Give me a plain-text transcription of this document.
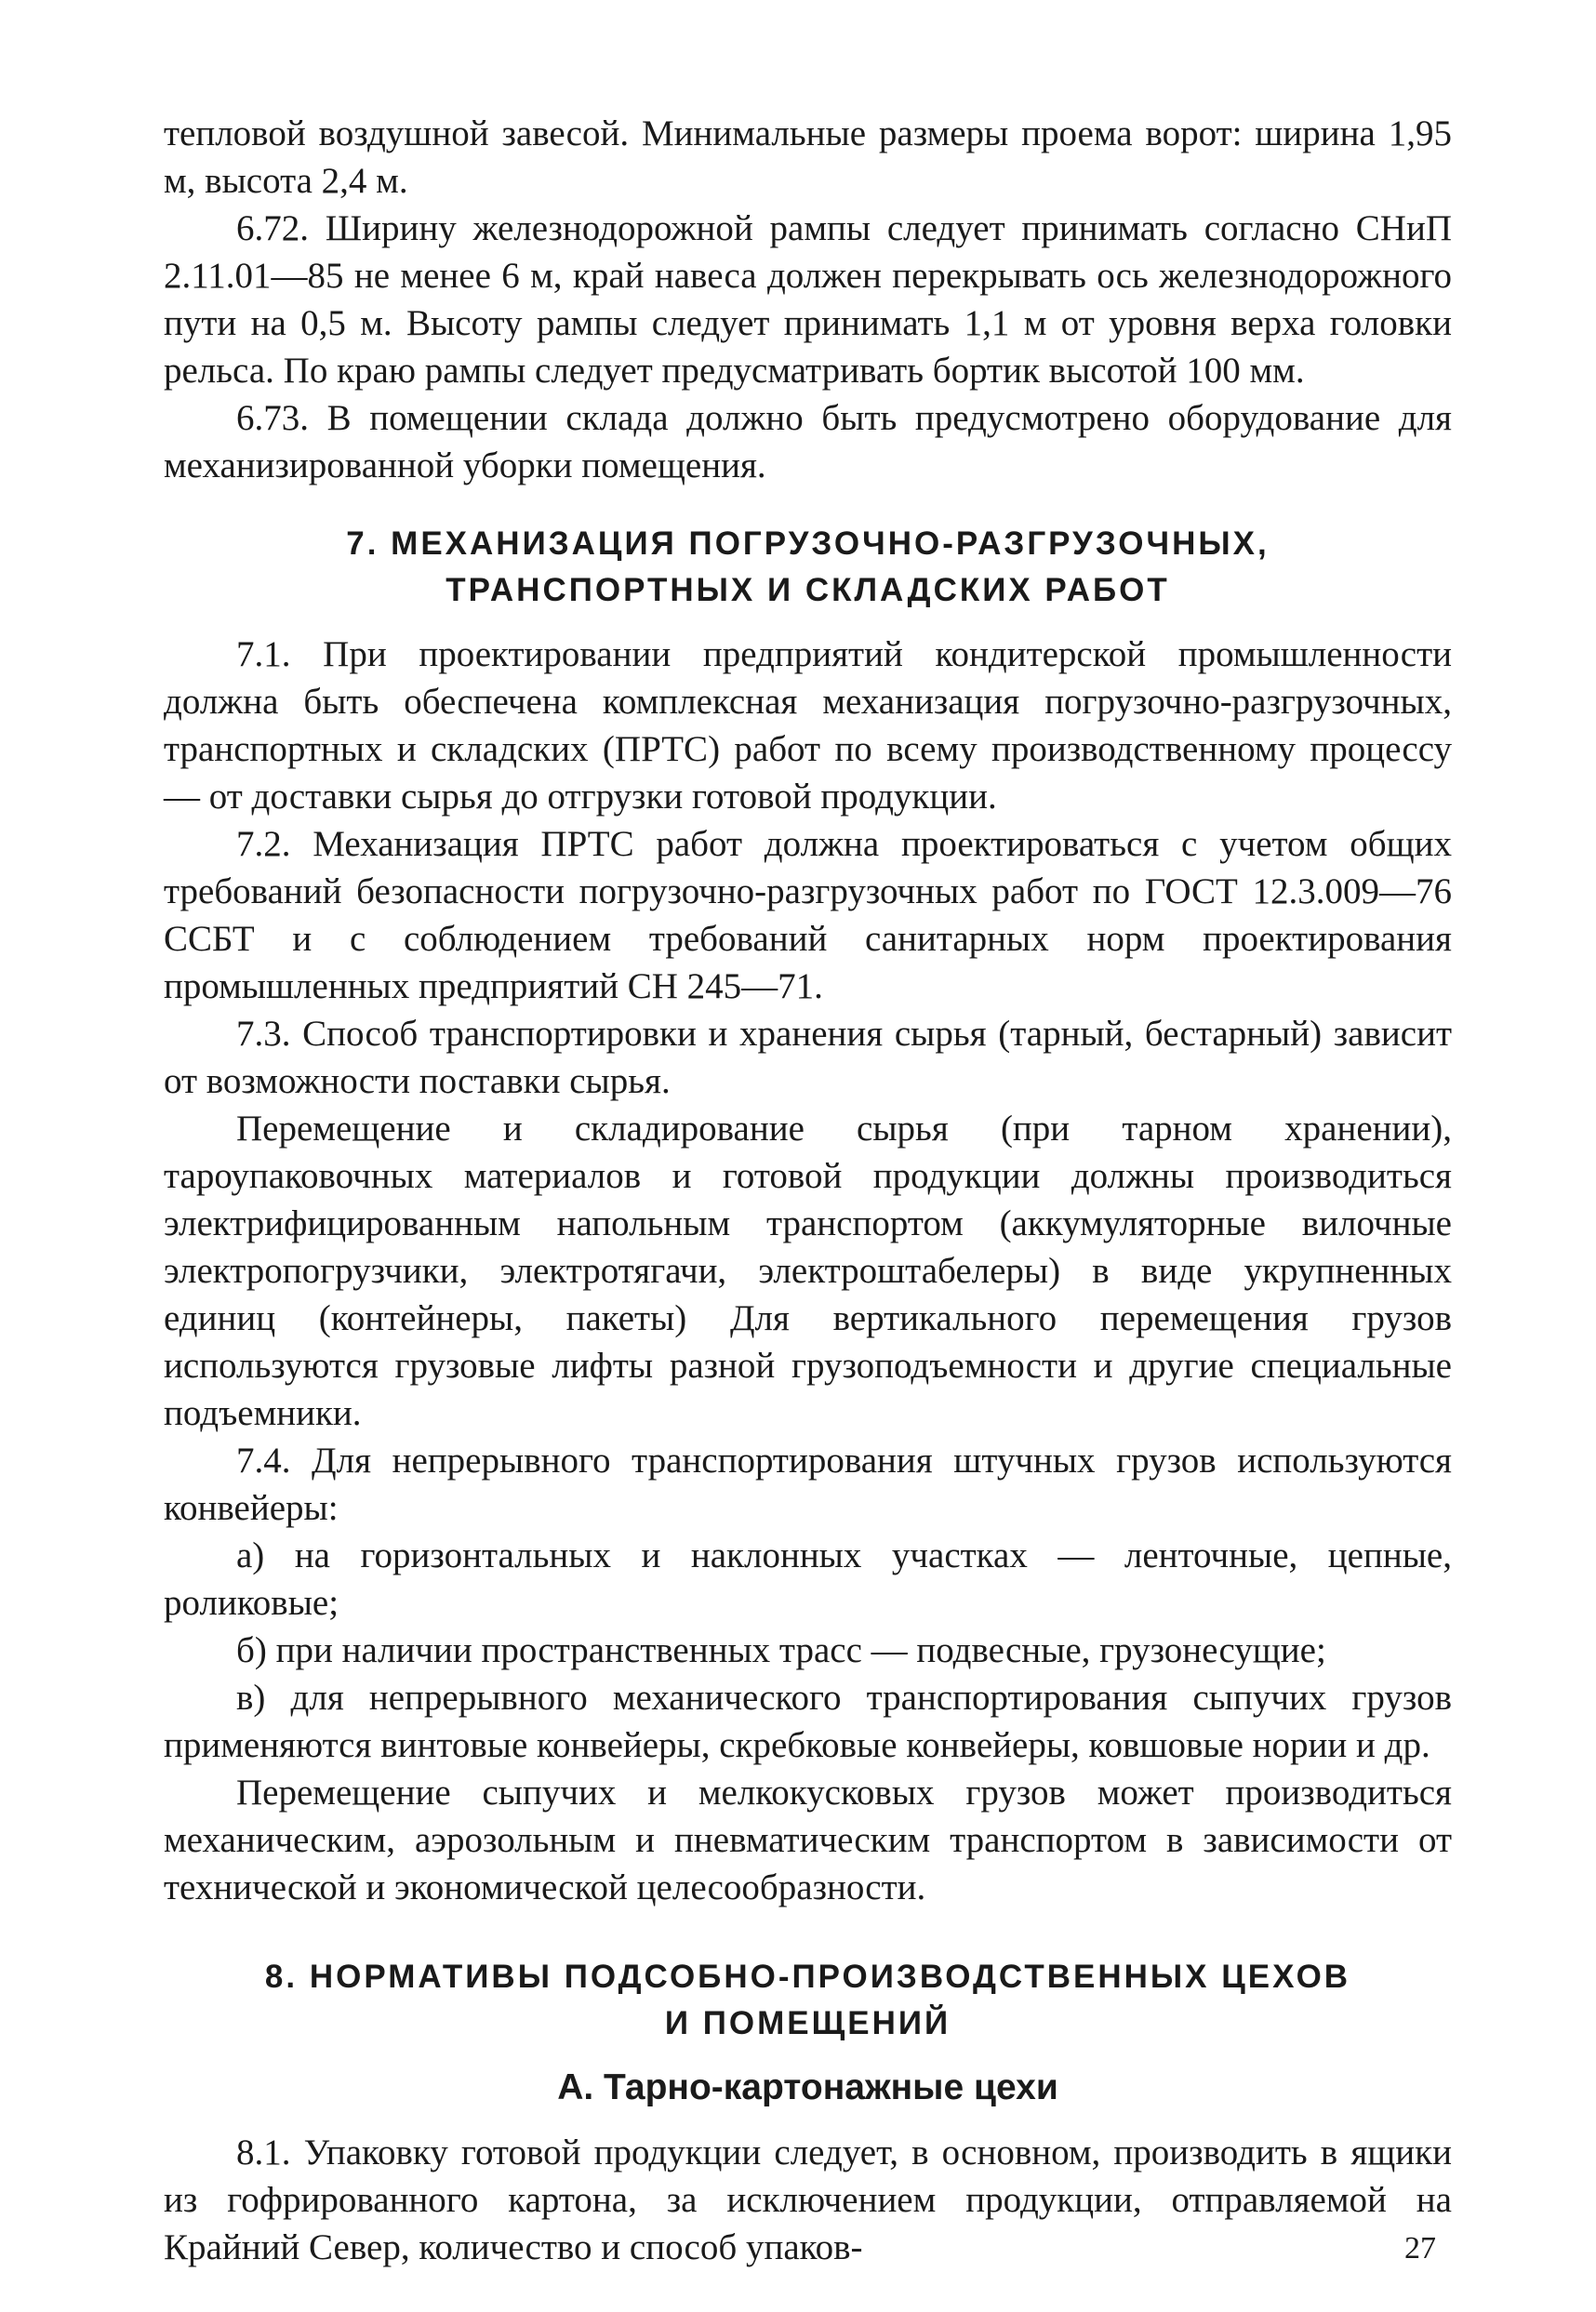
тепловой воздушной завесой. Минимальные размеры проема ворот: ширина 1,95 м, высота 2,4 м.

6.72. Ширину железнодорожной рампы следует принимать согласно СНиП 2.11.01—85 не менее 6 м, край навеса должен перекрывать ось железнодорожного пути на 0,5 м. Высоту рампы следует принимать 1,1 м от уровня верха головки рельса. По краю рампы следует предусматривать бортик высотой 100 мм.

6.73. В помещении склада должно быть предусмотрено оборудование для механизированной уборки помещения.

7. МЕХАНИЗАЦИЯ ПОГРУЗОЧНО-РАЗГРУЗОЧНЫХ,

ТРАНСПОРТНЫХ И СКЛАДСКИХ РАБОТ

7.1. При проектировании предприятий кондитерской промышленности должна быть обеспечена комплексная механизация погрузочно-разгрузочных, транспортных и складских (ПРТС) работ по всему производственному процессу — от доставки сырья до отгрузки готовой продукции.

7.2. Механизация ПРТС работ должна проектироваться с учетом общих требований безопасности погрузочно-разгрузочных работ по ГОСТ 12.3.009—76 ССБТ и с соблюдением требований санитарных норм проектирования промышленных предприятий СН 245—71.

7.3. Способ транспортировки и хранения сырья (тарный, бестарный) зависит от возможности поставки сырья.

Перемещение и складирование сырья (при тарном хранении), тароупаковочных материалов и готовой продукции должны производиться электрифицированным напольным транспортом (аккумуляторные вилочные электропогрузчики, электротягачи, электроштабелеры) в виде укрупненных единиц (контейнеры, пакеты) Для вертикального перемещения грузов используются грузовые лифты разной грузоподъемности и другие специальные подъемники.

7.4. Для непрерывного транспортирования штучных грузов используются конвейеры:

а) на горизонтальных и наклонных участках — ленточные, цепные, роликовые;

б) при наличии пространственных трасс — подвесные, грузонесущие;

в) для непрерывного механического транспортирования сыпучих грузов применяются винтовые конвейеры, скребковые конвейеры, ковшовые нории и др.

Перемещение сыпучих и мелкокусковых грузов может производиться механическим, аэрозольным и пневматическим транспортом в зависимости от технической и экономической целесообразности.

8. НОРМАТИВЫ ПОДСОБНО-ПРОИЗВОДСТВЕННЫХ ЦЕХОВ

И ПОМЕЩЕНИЙ

А. Тарно-картонажные цехи

8.1. Упаковку готовой продукции следует, в основном, производить в ящики из гофрированного картона, за исключением продукции, отправляемой на Крайний Север, количество и способ упаков-	27
